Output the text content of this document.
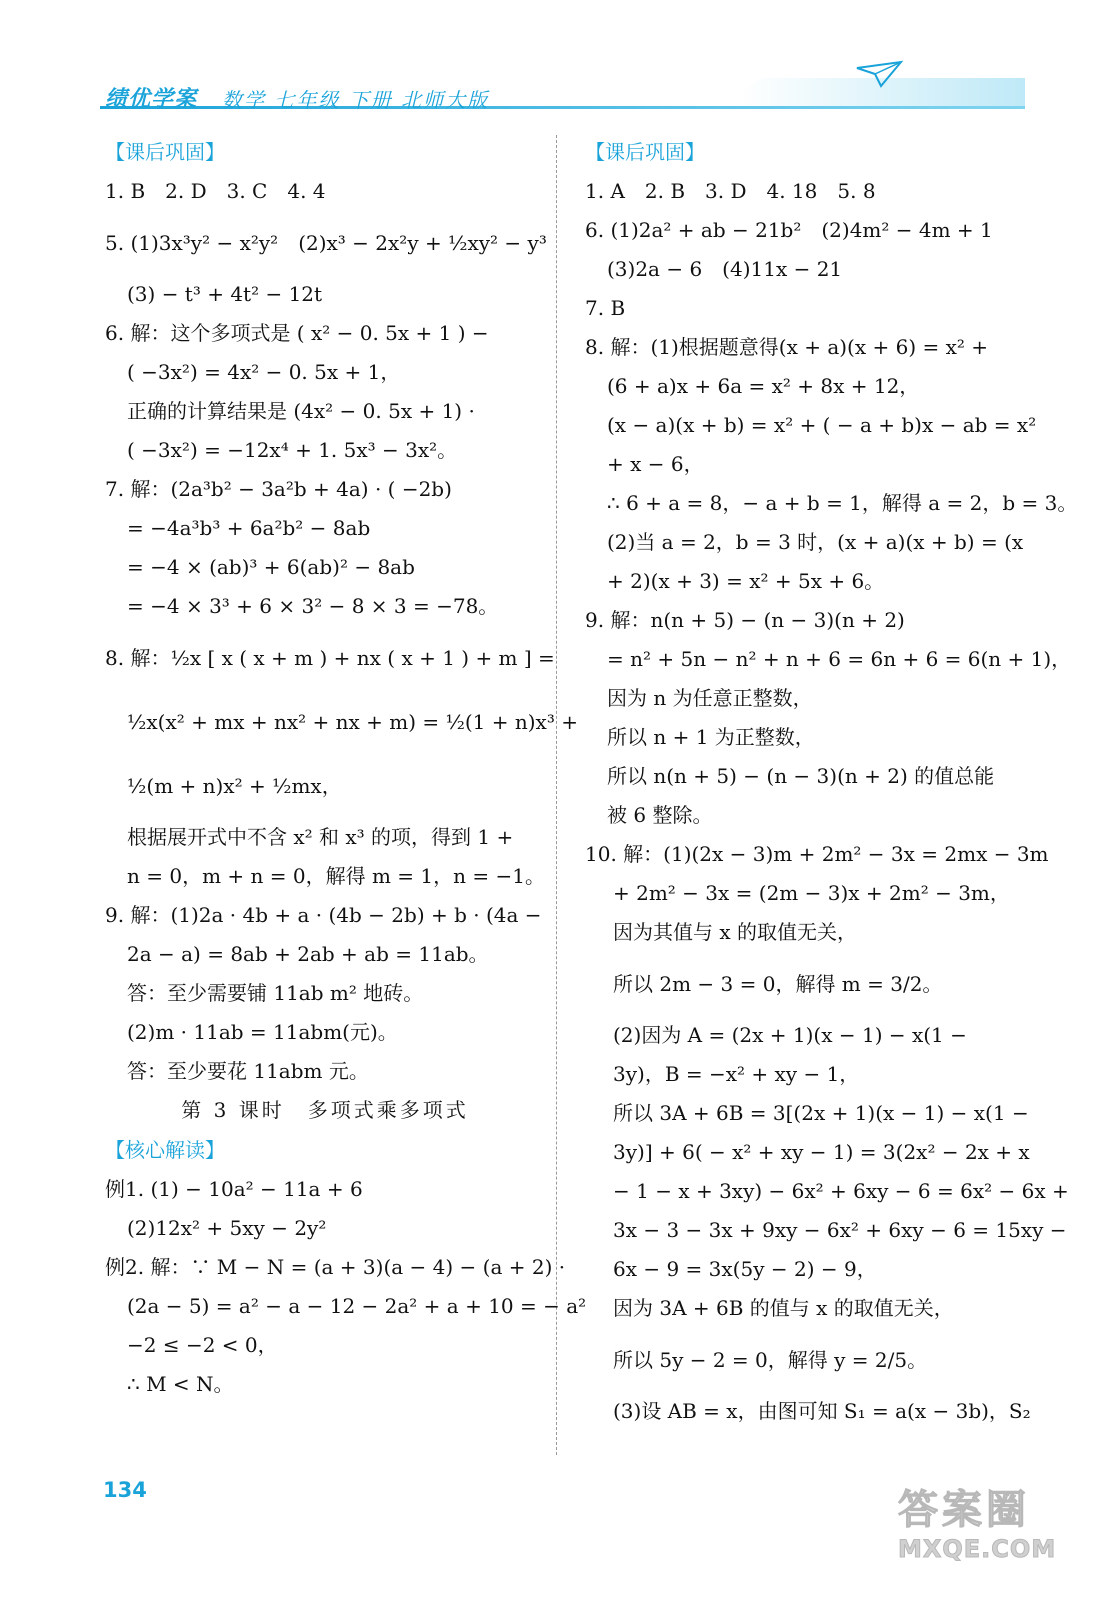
绩优学案 数学 七年级 下册 北师大版
【课后巩固】
1. B　2. D　3. C　4. 4
5. (1)3x³y² − x²y²　(2)x³ − 2x²y + ½xy² − y³
(3) − t³ + 4t² − 12t
6. 解：这个多项式是 ( x² − 0. 5x + 1 ) −
( −3x²) = 4x² − 0. 5x + 1，
正确的计算结果是 (4x² − 0. 5x + 1) ·
( −3x²) = −12x⁴ + 1. 5x³ − 3x²。
7. 解：(2a³b² − 3a²b + 4a) · ( −2b)
= −4a³b³ + 6a²b² − 8ab
= −4 × (ab)³ + 6(ab)² − 8ab
= −4 × 3³ + 6 × 3² − 8 × 3 = −78。
8. 解：½x [ x ( x + m ) + nx ( x + 1 ) + m ] =
½x(x² + mx + nx² + nx + m) = ½(1 + n)x³ +
½(m + n)x² + ½mx，
根据展开式中不含 x² 和 x³ 的项，得到 1 +
n = 0，m + n = 0，解得 m = 1，n = −1。
9. 解：(1)2a · 4b + a · (4b − 2b) + b · (4a −
2a − a) = 8ab + 2ab + ab = 11ab。
答：至少需要铺 11ab m² 地砖。
(2)m · 11ab = 11abm(元)。
答：至少要花 11abm 元。
第 3 课时　多项式乘多项式
【核心解读】
例1. (1) − 10a² − 11a + 6
(2)12x² + 5xy − 2y²
例2. 解：∵ M − N = (a + 3)(a − 4) − (a + 2) ·
(2a − 5) = a² − a − 12 − 2a² + a + 10 = − a²
−2 ≤ −2 < 0，
∴ M < N。
【课后巩固】
1. A　2. B　3. D　4. 18　5. 8
6. (1)2a² + ab − 21b²　(2)4m² − 4m + 1
(3)2a − 6　(4)11x − 21
7. B
8. 解：(1)根据题意得(x + a)(x + 6) = x² +
(6 + a)x + 6a = x² + 8x + 12，
(x − a)(x + b) = x² + ( − a + b)x − ab = x²
+ x − 6，
∴ 6 + a = 8，− a + b = 1，解得 a = 2，b = 3。
(2)当 a = 2，b = 3 时，(x + a)(x + b) = (x
+ 2)(x + 3) = x² + 5x + 6。
9. 解：n(n + 5) − (n − 3)(n + 2)
= n² + 5n − n² + n + 6 = 6n + 6 = 6(n + 1)，
因为 n 为任意正整数，
所以 n + 1 为正整数，
所以 n(n + 5) − (n − 3)(n + 2) 的值总能
被 6 整除。
10. 解：(1)(2x − 3)m + 2m² − 3x = 2mx − 3m
+ 2m² − 3x = (2m − 3)x + 2m² − 3m，
因为其值与 x 的取值无关，
所以 2m − 3 = 0，解得 m = 3/2。
(2)因为 A = (2x + 1)(x − 1) − x(1 −
3y)，B = −x² + xy − 1，
所以 3A + 6B = 3[(2x + 1)(x − 1) − x(1 −
3y)] + 6( − x² + xy − 1) = 3(2x² − 2x + x
− 1 − x + 3xy) − 6x² + 6xy − 6 = 6x² − 6x +
3x − 3 − 3x + 9xy − 6x² + 6xy − 6 = 15xy −
6x − 9 = 3x(5y − 2) − 9，
因为 3A + 6B 的值与 x 的取值无关，
所以 5y − 2 = 0，解得 y = 2/5。
(3)设 AB = x，由图可知 S₁ = a(x − 3b)，S₂
134	答案圈
MXQE.COM
